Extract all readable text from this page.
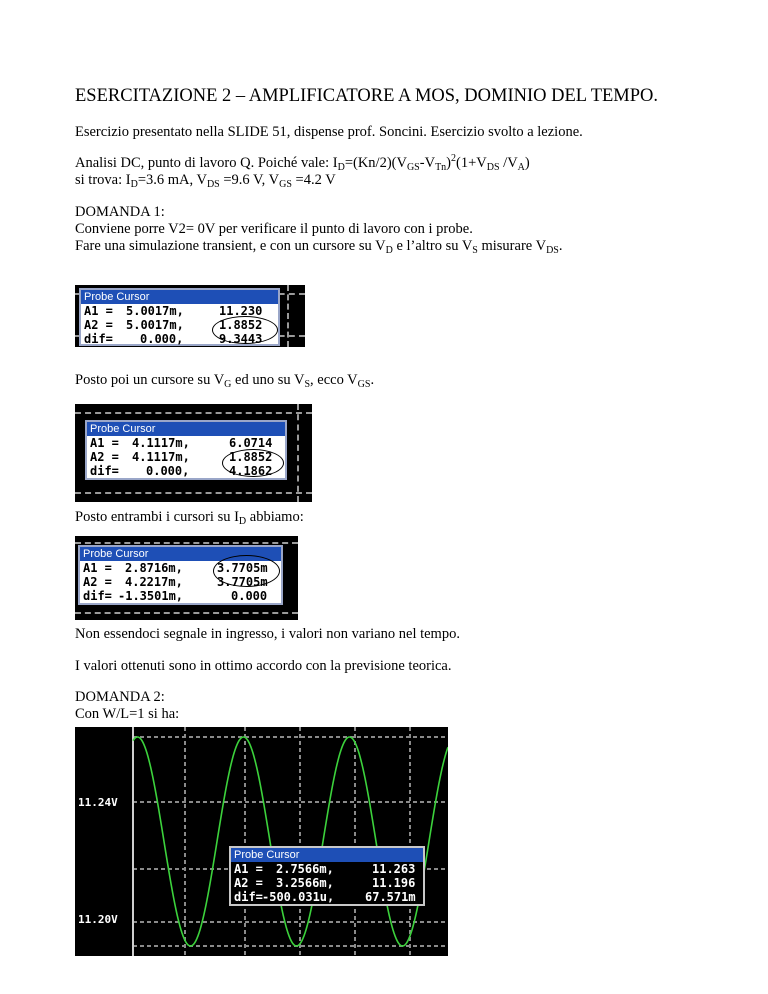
ESERCITAZIONE 2 – AMPLIFICATORE A MOS, DOMINIO DEL TEMPO.
Esercizio presentato nella SLIDE 51, dispense prof. Soncini. Esercizio svolto a lezione.
Analisi DC, punto di lavoro Q. Poiché vale: $I_D=(Kn/2)(V_{GS}-V_{Tn})^2(1+V_{DS}$ $/V_A$)
si trova: $I_D=3.6$ mA, $V_{DS} =9.6$ V, $V_{GS} =4.2$ V
DOMANDA 1:
Conviene porre V2= 0V per verificare il punto di lavoro con i probe.
Fare una simulazione transient, e con un cursore su $V_D$ e l’altro su $V_S$ misurare $V_{DS}$.
Probe Cursor
A1 = 5.0017m,	11.230
A2 = 5.0017m,	1.8852
dif= 0.000,	9.3443
Posto poi un cursore su $V_G$ ed uno su $V_S$, ecco $V_{GS}$.
Probe Cursor
A1 = 4.1117m,	6.0714
A2 = 4.1117m,	1.8852
dif= 0.000,	4.1862
Posto entrambi i cursori su $I_D$ abbiamo:
Probe Cursor
A1 = 2.8716m,	3.7705m
A2 = 4.2217m,	3.7705m
dif= -1.3501m,	0.000
Non essendoci segnale in ingresso, i valori non variano nel tempo.
I valori ottenuti sono in ottimo accordo con la previsione teorica.
DOMANDA 2:
Con W/L=1 si ha:
11.24V
11.20V
Probe Cursor
A1 = 2.7566m,	11.263
A2 = 3.2566m,	11.196
dif= -500.031u,	67.571m
